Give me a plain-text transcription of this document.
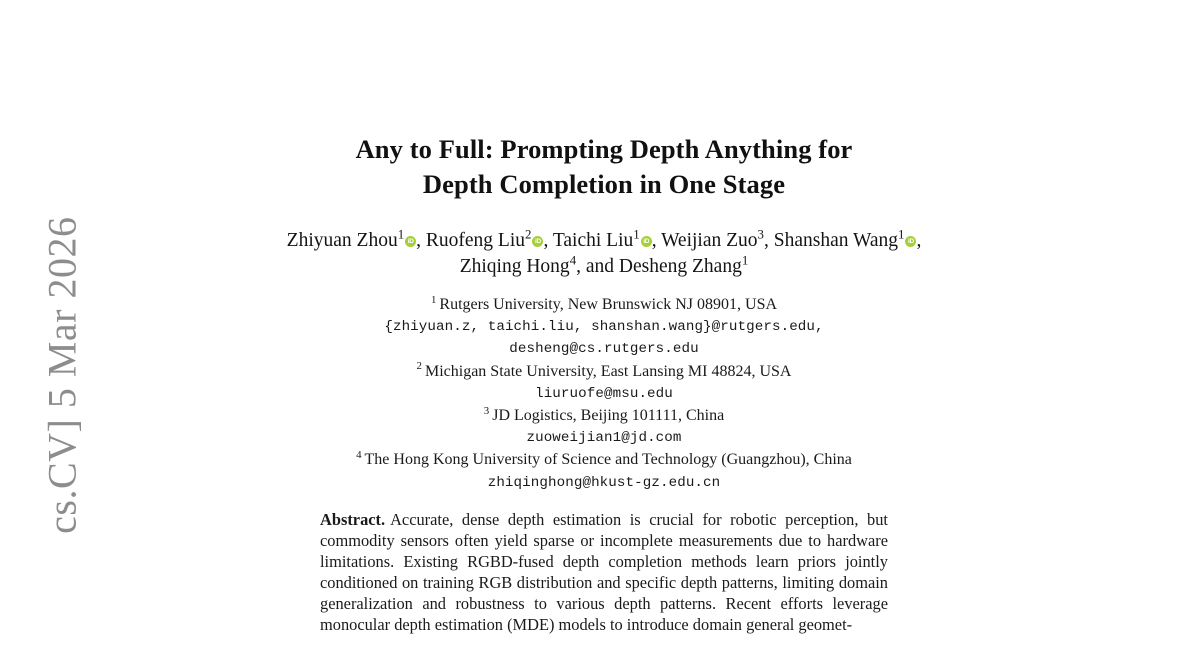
cs.CV] 5 Mar 2026
Any to Full: Prompting Depth Anything for
Depth Completion in One Stage
Zhiyuan Zhou$^1$ iD , Ruofeng Liu$^2$ iD , Taichi Liu$^1$ iD , Weijian Zuo$^3$, Shanshan Wang$^1$ iD , Zhiqing Hong$^4$, and Desheng Zhang$^1$
$^1$ Rutgers University, New Brunswick NJ 08901, USA
{zhiyuan.z, taichi.liu, shanshan.wang}@rutgers.edu,
desheng@cs.rutgers.edu
$^2$ Michigan State University, East Lansing MI 48824, USA
liuruofe@msu.edu
$^3$ JD Logistics, Beijing 101111, China
zuoweijian1@jd.com
$^4$ The Hong Kong University of Science and Technology (Guangzhou), China
zhiqinghong@hkust-gz.edu.cn
Abstract. Accurate, dense depth estimation is crucial for robotic perception, but commodity sensors often yield sparse or incomplete measurements due to hardware limitations. Existing RGBD-fused depth completion methods learn priors jointly conditioned on training RGB distribution and specific depth patterns, limiting domain generalization and robustness to various depth patterns. Recent efforts leverage monocular depth estimation (MDE) models to introduce domain general geomet-
